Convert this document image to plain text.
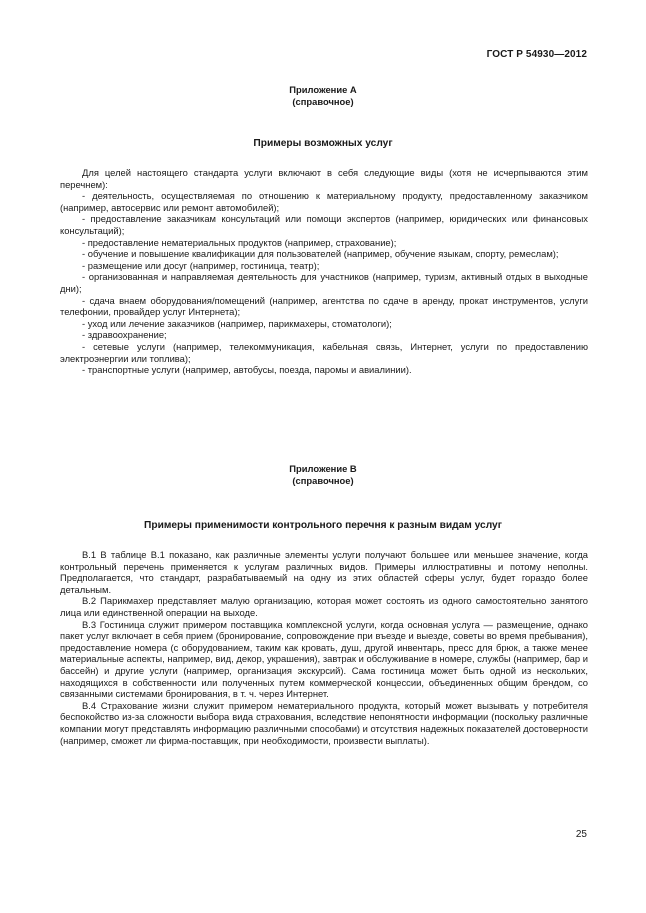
ГОСТ Р 54930—2012
Приложение А
(справочное)
Примеры возможных услуг

Для целей настоящего стандарта услуги включают в себя следующие виды (хотя не исчерпываются этим перечнем):

- деятельность, осуществляемая по отношению к материальному продукту, предоставленному заказчиком (например, автосервис или ремонт автомобилей);

- предоставление заказчикам консультаций или помощи экспертов (например, юридических или финансовых консультаций);

- предоставление нематериальных продуктов (например, страхование);

- обучение и повышение квалификации для пользователей (например, обучение языкам, спорту, ремеслам);

- размещение или досуг (например, гостиница, театр);

- организованная и направляемая деятельность для участников (например, туризм, активный отдых в выходные дни);

- сдача внаем оборудования/помещений (например, агентства по сдаче в аренду, прокат инструментов, услуги телефонии, провайдер услуг Интернета);

- уход или лечение заказчиков (например, парикмахеры, стоматологи);

- здравоохранение;

- сетевые услуги (например, телекоммуникация, кабельная связь, Интернет, услуги по предоставлению электроэнергии или топлива);

- транспортные услуги (например, автобусы, поезда, паромы и авиалинии).

Приложение В
(справочное)
Примеры применимости контрольного перечня к разным видам услуг

В.1 В таблице В.1 показано, как различные элементы услуги получают большее или меньшее значение, когда контрольный перечень применяется к услугам различных видов. Примеры иллюстративны и потому неполны. Предполагается, что стандарт, разрабатываемый на одну из этих областей сферы услуг, будет гораздо более детальным.

В.2 Парикмахер представляет малую организацию, которая может состоять из одного самостоятельно занятого лица или единственной операции на выходе.

В.3 Гостиница служит примером поставщика комплексной услуги, когда основная услуга — размещение, однако пакет услуг включает в себя прием (бронирование, сопровождение при въезде и выезде, советы во время пребывания), предоставление номера (с оборудованием, таким как кровать, душ, другой инвентарь, пресс для брюк, а также менее материальные аспекты, например, вид, декор, украшения), завтрак и обслуживание в номере, службы (например, бар и бассейн) и другие услуги (например, организация экскурсий). Сама гостиница может быть одной из нескольких, находящихся в собственности или полученных путем коммерческой концессии, объединенных общим брендом, со связанными системами бронирования, в т. ч. через Интернет.

В.4 Страхование жизни служит примером нематериального продукта, который может вызывать у потребителя беспокойство из-за сложности выбора вида страхования, вследствие непонятности информации (поскольку различные компании могут представлять информацию различными способами) и отсутствия надежных показателей достоверности (например, сможет ли фирма-поставщик, при необходимости, произвести выплаты).

25
